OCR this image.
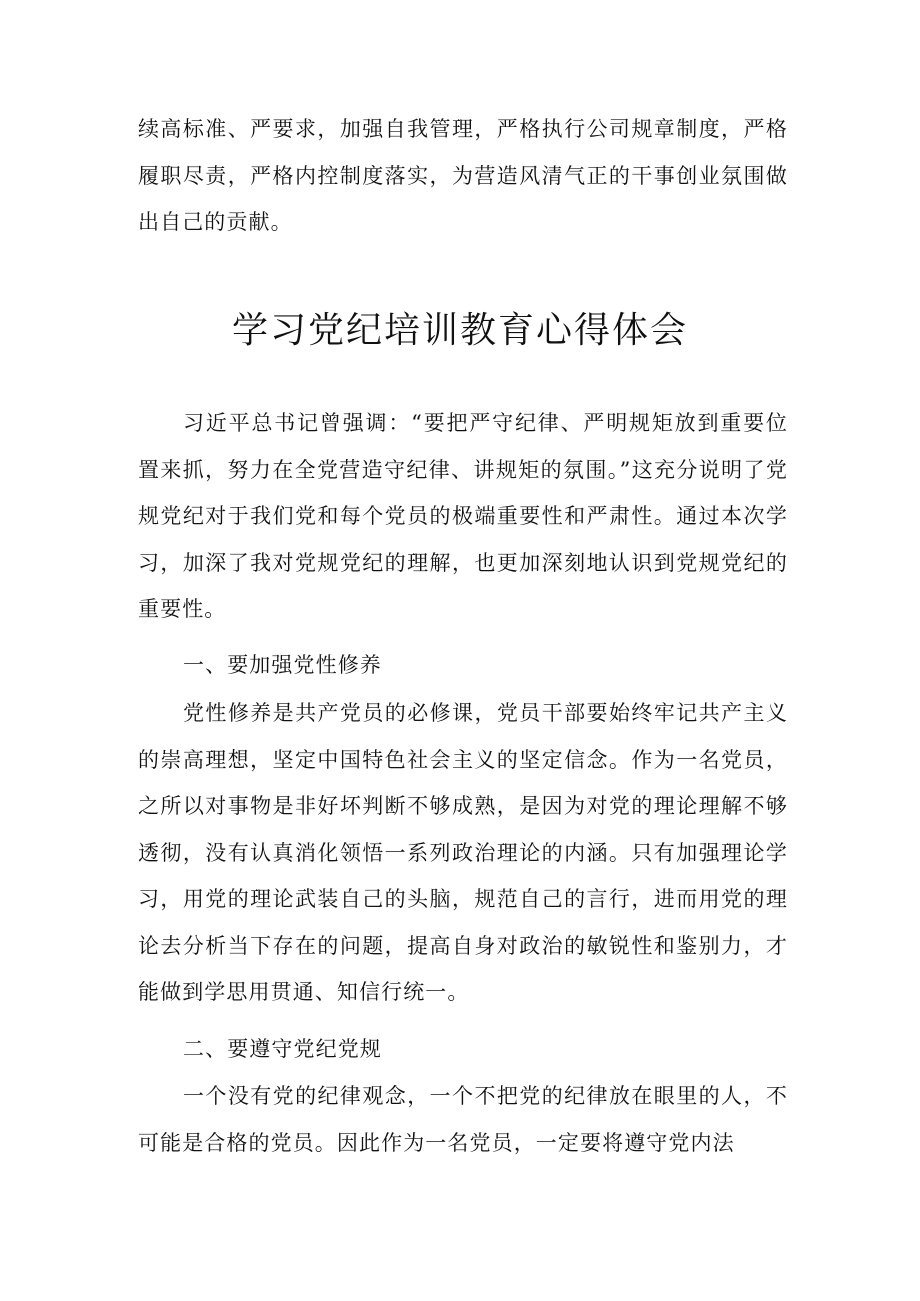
续高标准、严要求，加强自我管理，严格执行公司规章制度，严格履职尽责，严格内控制度落实，为营造风清气正的干事创业氛围做出自己的贡献。

学习党纪培训教育心得体会

习近平总书记曾强调：“要把严守纪律、严明规矩放到重要位置来抓，努力在全党营造守纪律、讲规矩的氛围。”这充分说明了党规党纪对于我们党和每个党员的极端重要性和严肃性。通过本次学习，加深了我对党规党纪的理解，也更加深刻地认识到党规党纪的重要性。

一、要加强党性修养

党性修养是共产党员的必修课，党员干部要始终牢记共产主义的崇高理想，坚定中国特色社会主义的坚定信念。作为一名党员，之所以对事物是非好坏判断不够成熟，是因为对党的理论理解不够透彻，没有认真消化领悟一系列政治理论的内涵。只有加强理论学习，用党的理论武装自己的头脑，规范自己的言行，进而用党的理论去分析当下存在的问题，提高自身对政治的敏锐性和鉴别力，才能做到学思用贯通、知信行统一。

二、要遵守党纪党规

一个没有党的纪律观念，一个不把党的纪律放在眼里的人，不可能是合格的党员。因此作为一名党员，一定要将遵守党内法
